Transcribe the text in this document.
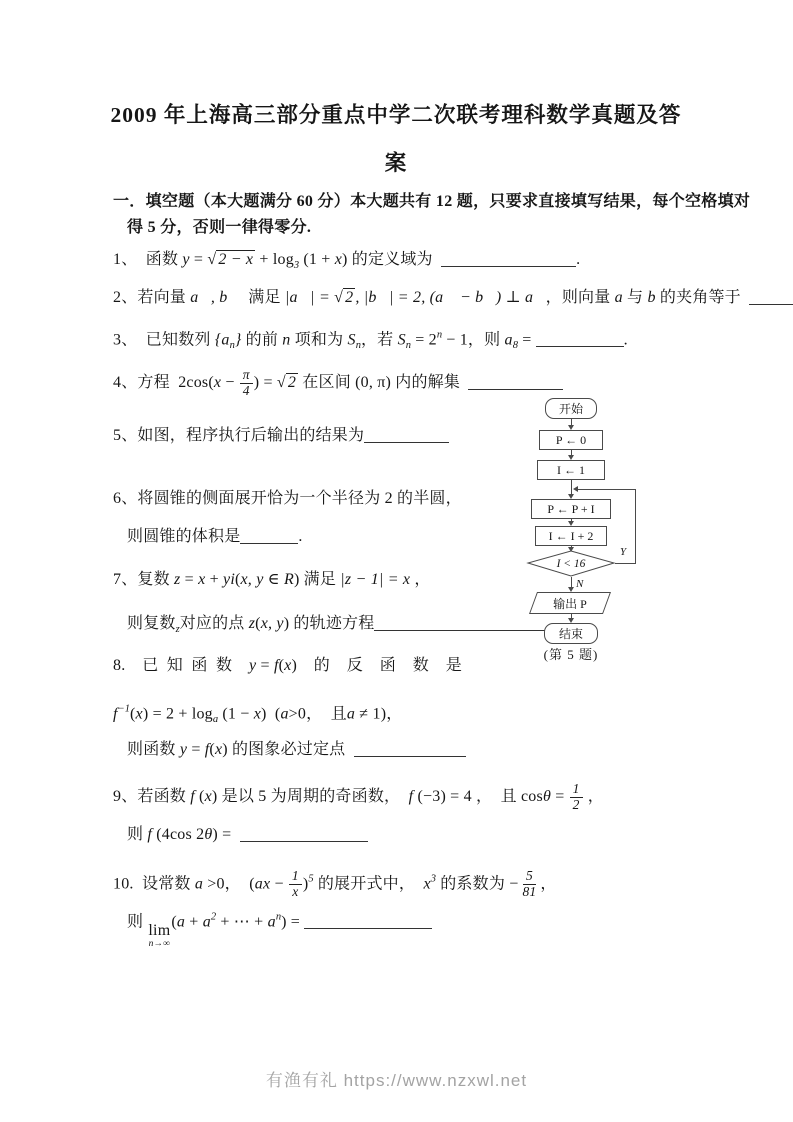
2009 年上海高三部分重点中学二次联考理科数学真题及答
案
一．填空题（本大题满分 60 分）本大题共有 12 题，只要求直接填写结果，每个空格填对
得 5 分，否则一律得零分.
1、  函数 y = √ $2 - x + \log_3 (1 + x)$ 的定义域为	.
2、若向量 a⃗, b⃗  满足 |a⃗| = √ 2 , |b⃗| = 2, (a⃗ − b⃗) ⊥ a⃗，则向量 a 与 b 的夹角等于
3、  已知数列 $\{a_n\}$ 的前 n 项和为 $S_n$，若 $S_n = 2^n - 1$，则 $a_8$ =	.
4、方程  $2\cos(x - \frac{\pi}{4}$ ) = √ 2 在区间 (0, π) 内的解集
5、如图，程序执行后输出的结果为
6、将圆锥的侧面展开恰为一个半径为 2 的半圆，
则圆锥的体积是	.
7、复数 z = x + yi(x, y ∈ R) 满足 |z − 1| = x ，
则复数$_z$对应的点 z(x, y) 的轨迹方程
8.    已  知  函  数    y = f(x)    的    反    函    数    是
$f^{-1}(x) = 2 + \log_a (1 - x)$  (a>0，  且a ≠ 1)，
则函数 y = f(x) 的图象必过定点
9、若函数 f (x) 是以 5 为周期的奇函数，  f (−3) = 4 ，  且 $\cos\theta = \frac{1}{2}$ ，
则 f (4cos 2θ) =
10.  设常数 a >0，  $(ax - \frac{1}{x} )^5$ 的展开式中，  $x^3$ 的系数为 − $\frac{5}{81}$ ，
则
lim
n→∞
($a + a^2$ + ⋯ + $a^n$) =
开始
P ← 0
I ← 1
P ← P + I
I ← I + 2
I < 16
Y
N
输出 P
结束
(第 5 题)
有渔有礼 https://www.nzxwl.net
